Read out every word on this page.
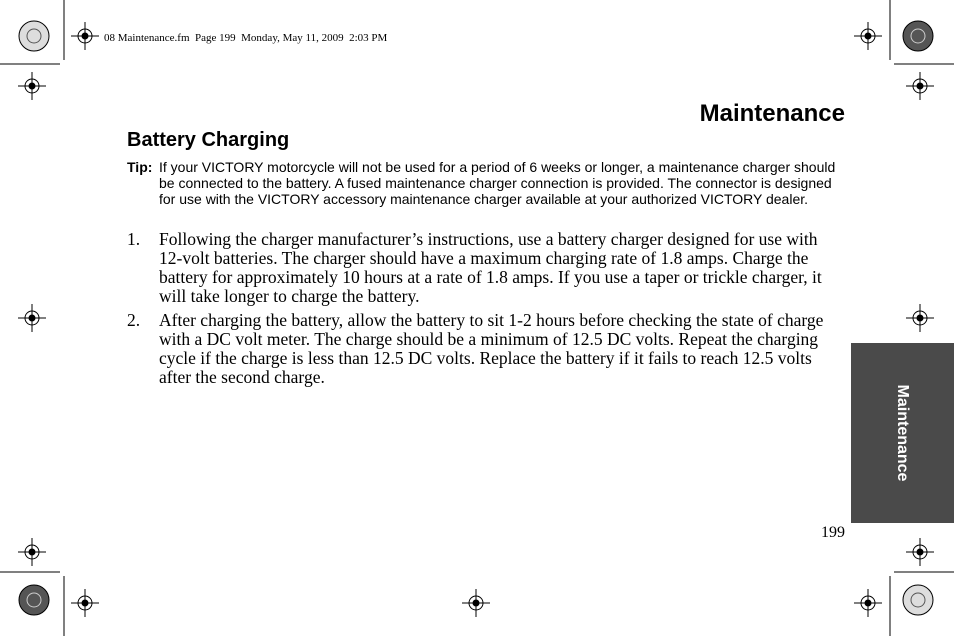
08 Maintenance.fm  Page 199  Monday, May 11, 2009  2:03 PM
Maintenance
Battery Charging
Tip: If your VICTORY motorcycle will not be used for a period of 6 weeks or longer, a maintenance charger should be connected to the battery. A fused maintenance charger connection is provided. The connector is designed for use with the VICTORY accessory maintenance charger available at your authorized VICTORY dealer.
1. Following the charger manufacturer’s instructions, use a battery charger designed for use with 12-volt batteries. The charger should have a maximum charging rate of 1.8 amps. Charge the battery for approximately 10 hours at a rate of 1.8 amps. If you use a taper or trickle charger, it will take longer to charge the battery.
2. After charging the battery, allow the battery to sit 1-2 hours before checking the state of charge with a DC volt meter. The charge should be a minimum of 12.5 DC volts. Repeat the charging cycle if the charge is less than 12.5 DC volts. Replace the battery if it fails to reach 12.5 volts after the second charge.
Maintenance
199
